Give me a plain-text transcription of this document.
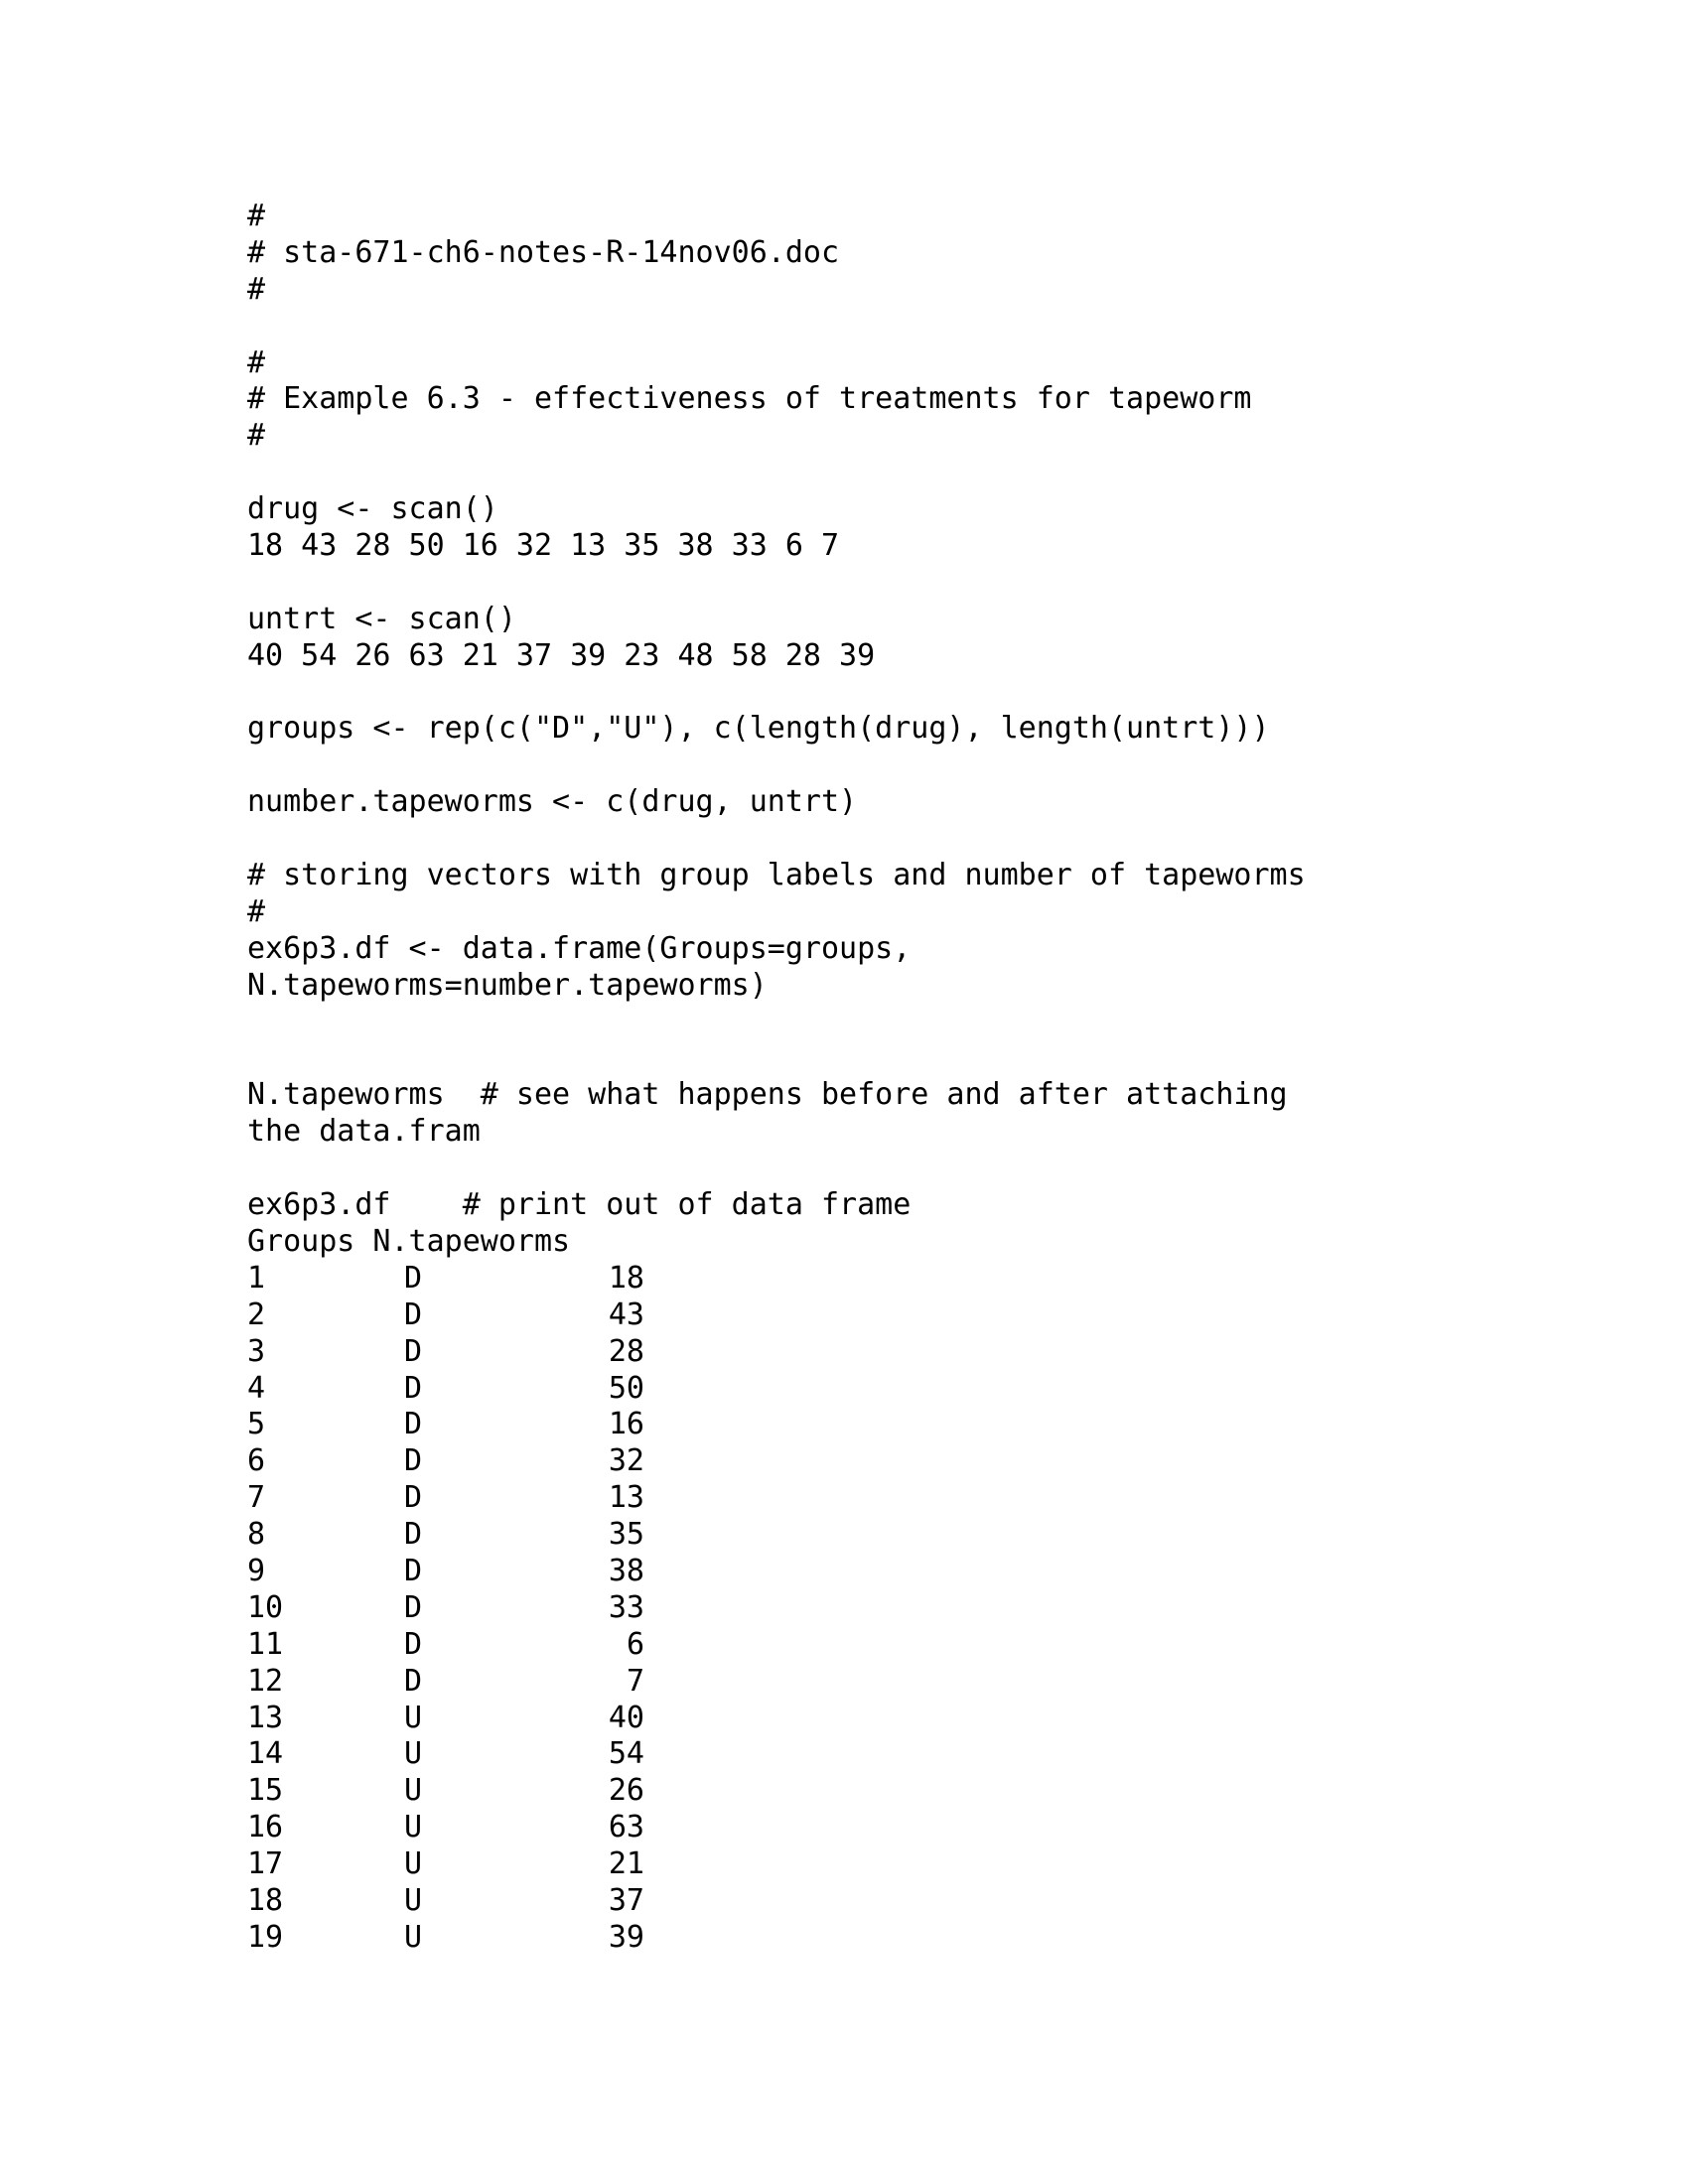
#
# sta-671-ch6-notes-R-14nov06.doc
#
#
# Example 6.3 - effectiveness of treatments for tapeworm
#
drug <- scan()
18 43 28 50 16 32 13 35 38 33 6 7
untrt <- scan()
40 54 26 63 21 37 39 23 48 58 28 39
groups <- rep(c("D","U"), c(length(drug), length(untrt)))
number.tapeworms <- c(drug, untrt)
# storing vectors with group labels and number of tapeworms
#
ex6p3.df <- data.frame(Groups=groups,
N.tapeworms=number.tapeworms)
N.tapeworms  # see what happens before and after attaching
the data.fram
ex6p3.df    # print out of data frame
Groups N.tapeworms
1	D	18
2	D	43
3	D	28
4	D	50
5	D	16
6	D	32
7	D	13
8	D	35
9	D	38
10	D	33
11	D	6
12	D	7
13	U	40
14	U	54
15	U	26
16	U	63
17	U	21
18	U	37
19	U	39
